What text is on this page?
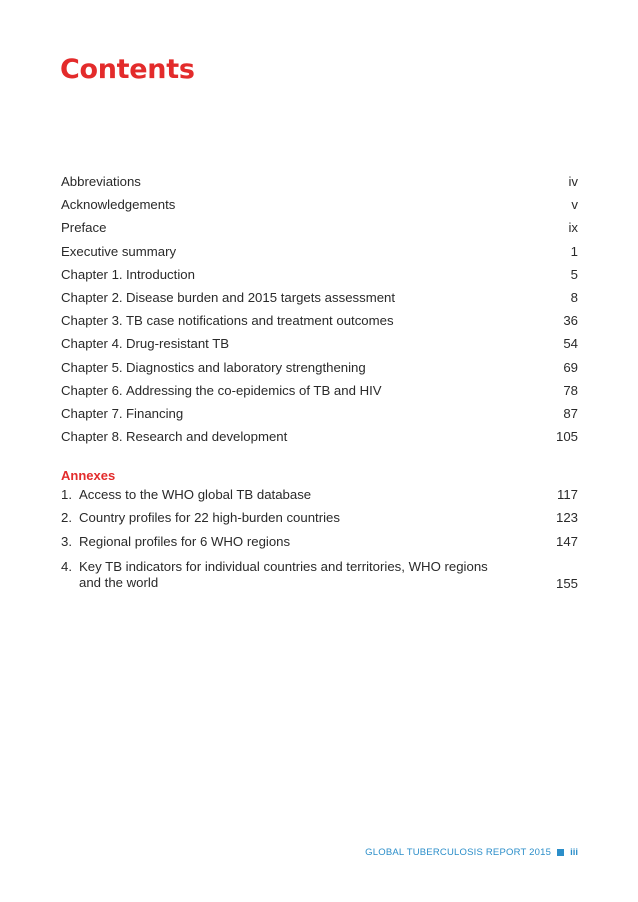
Contents
Abbreviations	iv
Acknowledgements	v
Preface	ix
Executive summary	1
Chapter 1. Introduction	5
Chapter 2. Disease burden and 2015 targets assessment	8
Chapter 3. TB case notifications and treatment outcomes	36
Chapter 4. Drug-resistant TB	54
Chapter 5. Diagnostics and laboratory strengthening	69
Chapter 6. Addressing the co-epidemics of TB and HIV	78
Chapter 7. Financing	87
Chapter 8. Research and development	105
Annexes
1. Access to the WHO global TB database	117
2. Country profiles for 22 high-burden countries	123
3. Regional profiles for 6 WHO regions	147
4. Key TB indicators for individual countries and territories, WHO regions and the world	155
GLOBAL TUBERCULOSIS REPORT 2015 iii
